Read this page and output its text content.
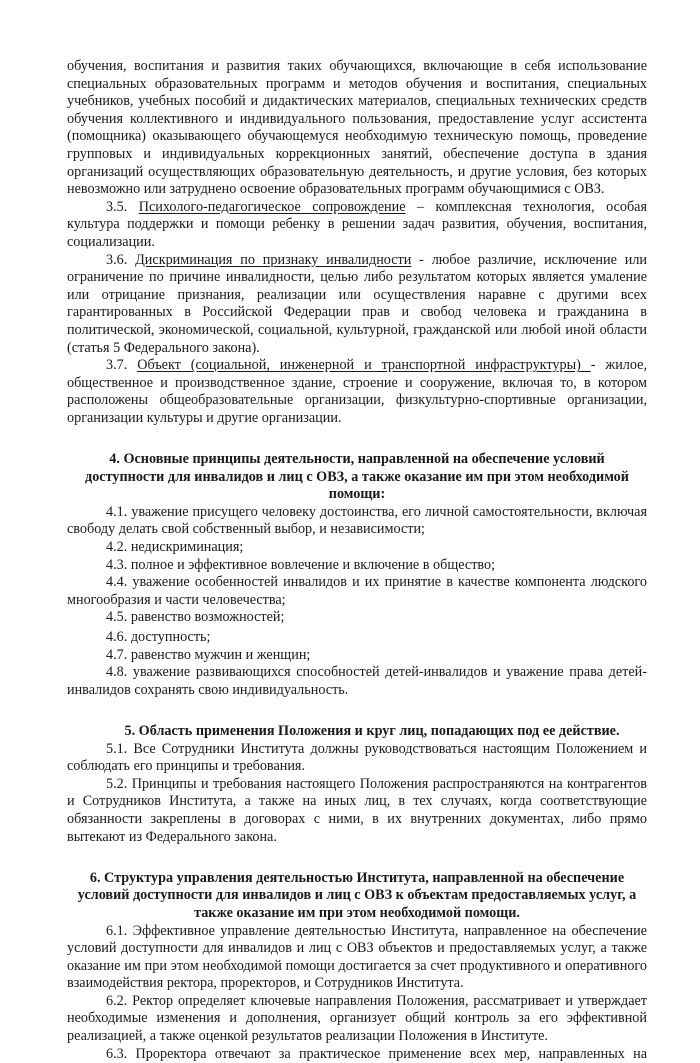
обучения, воспитания и развития таких обучающихся, включающие в себя использование специальных образовательных программ и методов обучения и воспитания, специальных учебников, учебных пособий и дидактических материалов, специальных технических средств обучения коллективного и индивидуального пользования, предоставление услуг ассистента (помощника) оказывающего обучающемуся необходимую техническую помощь, проведение групповых и индивидуальных коррекционных занятий, обеспечение доступа в здания организаций осуществляющих образовательную деятельность, и другие условия, без которых невозможно или затруднено освоение образовательных программ обучающимися с ОВЗ.

3.5. Психолого-педагогическое сопровождение – комплексная технология, особая культура поддержки и помощи ребенку в решении задач развития, обучения, воспитания, социализации.

3.6. Дискриминация по признаку инвалидности - любое различие, исключение или ограничение по причине инвалидности, целью либо результатом которых является умаление или отрицание признания, реализации или осуществления наравне с другими всех гарантированных в Российской Федерации прав и свобод человека и гражданина в политической, экономической, социальной, культурной, гражданской или любой иной области (статья 5 Федерального закона).

3.7. Объект (социальной, инженерной и транспортной инфраструктуры) - жилое, общественное и производственное здание, строение и сооружение, включая то, в котором расположены общеобразовательные организации, физкультурно-спортивные организации, организации культуры и другие организации.

4. Основные принципы деятельности, направленной на обеспечение условий доступности для инвалидов и лиц с ОВЗ, а также оказание им при этом необходимой помощи:

4.1. уважение присущего человеку достоинства, его личной самостоятельности, включая свободу делать свой собственный выбор, и независимости;

4.2. недискриминация;

4.3. полное и эффективное вовлечение и включение в общество;

4.4. уважение особенностей инвалидов и их принятие в качестве компонента людского многообразия и части человечества;

4.5. равенство возможностей;

4.6. доступность;

4.7. равенство мужчин и женщин;

4.8. уважение развивающихся способностей детей-инвалидов и уважение права детей-инвалидов сохранять свою индивидуальность.

5. Область применения Положения и круг лиц, попадающих под ее действие.

5.1. Все Сотрудники Института должны руководствоваться настоящим Положением и соблюдать его принципы и требования.

5.2. Принципы и требования настоящего Положения распространяются на контрагентов и Сотрудников Института, а также на иных лиц, в тех случаях, когда соответствующие обязанности закреплены в договорах с ними, в их внутренних документах, либо прямо вытекают из Федерального закона.

6. Структура управления деятельностью Института, направленной на обеспечение условий доступности для инвалидов и лиц с ОВЗ к объектам предоставляемых услуг, а также оказание им при этом необходимой помощи.

6.1. Эффективное управление деятельностью Института, направленное на обеспечение условий доступности для инвалидов и лиц с ОВЗ объектов и предоставляемых услуг, а также оказание им при этом необходимой помощи достигается за счет продуктивного и оперативного взаимодействия ректора, проректоров, и Сотрудников Института.

6.2. Ректор определяет ключевые направления Положения, рассматривает и утверждает необходимые изменения и дополнения, организует общий контроль за его эффективной реализацией, а также оценкой результатов реализации Положения в Институте.

6.3. Проректора отвечают за практическое применение всех мер, направленных на
